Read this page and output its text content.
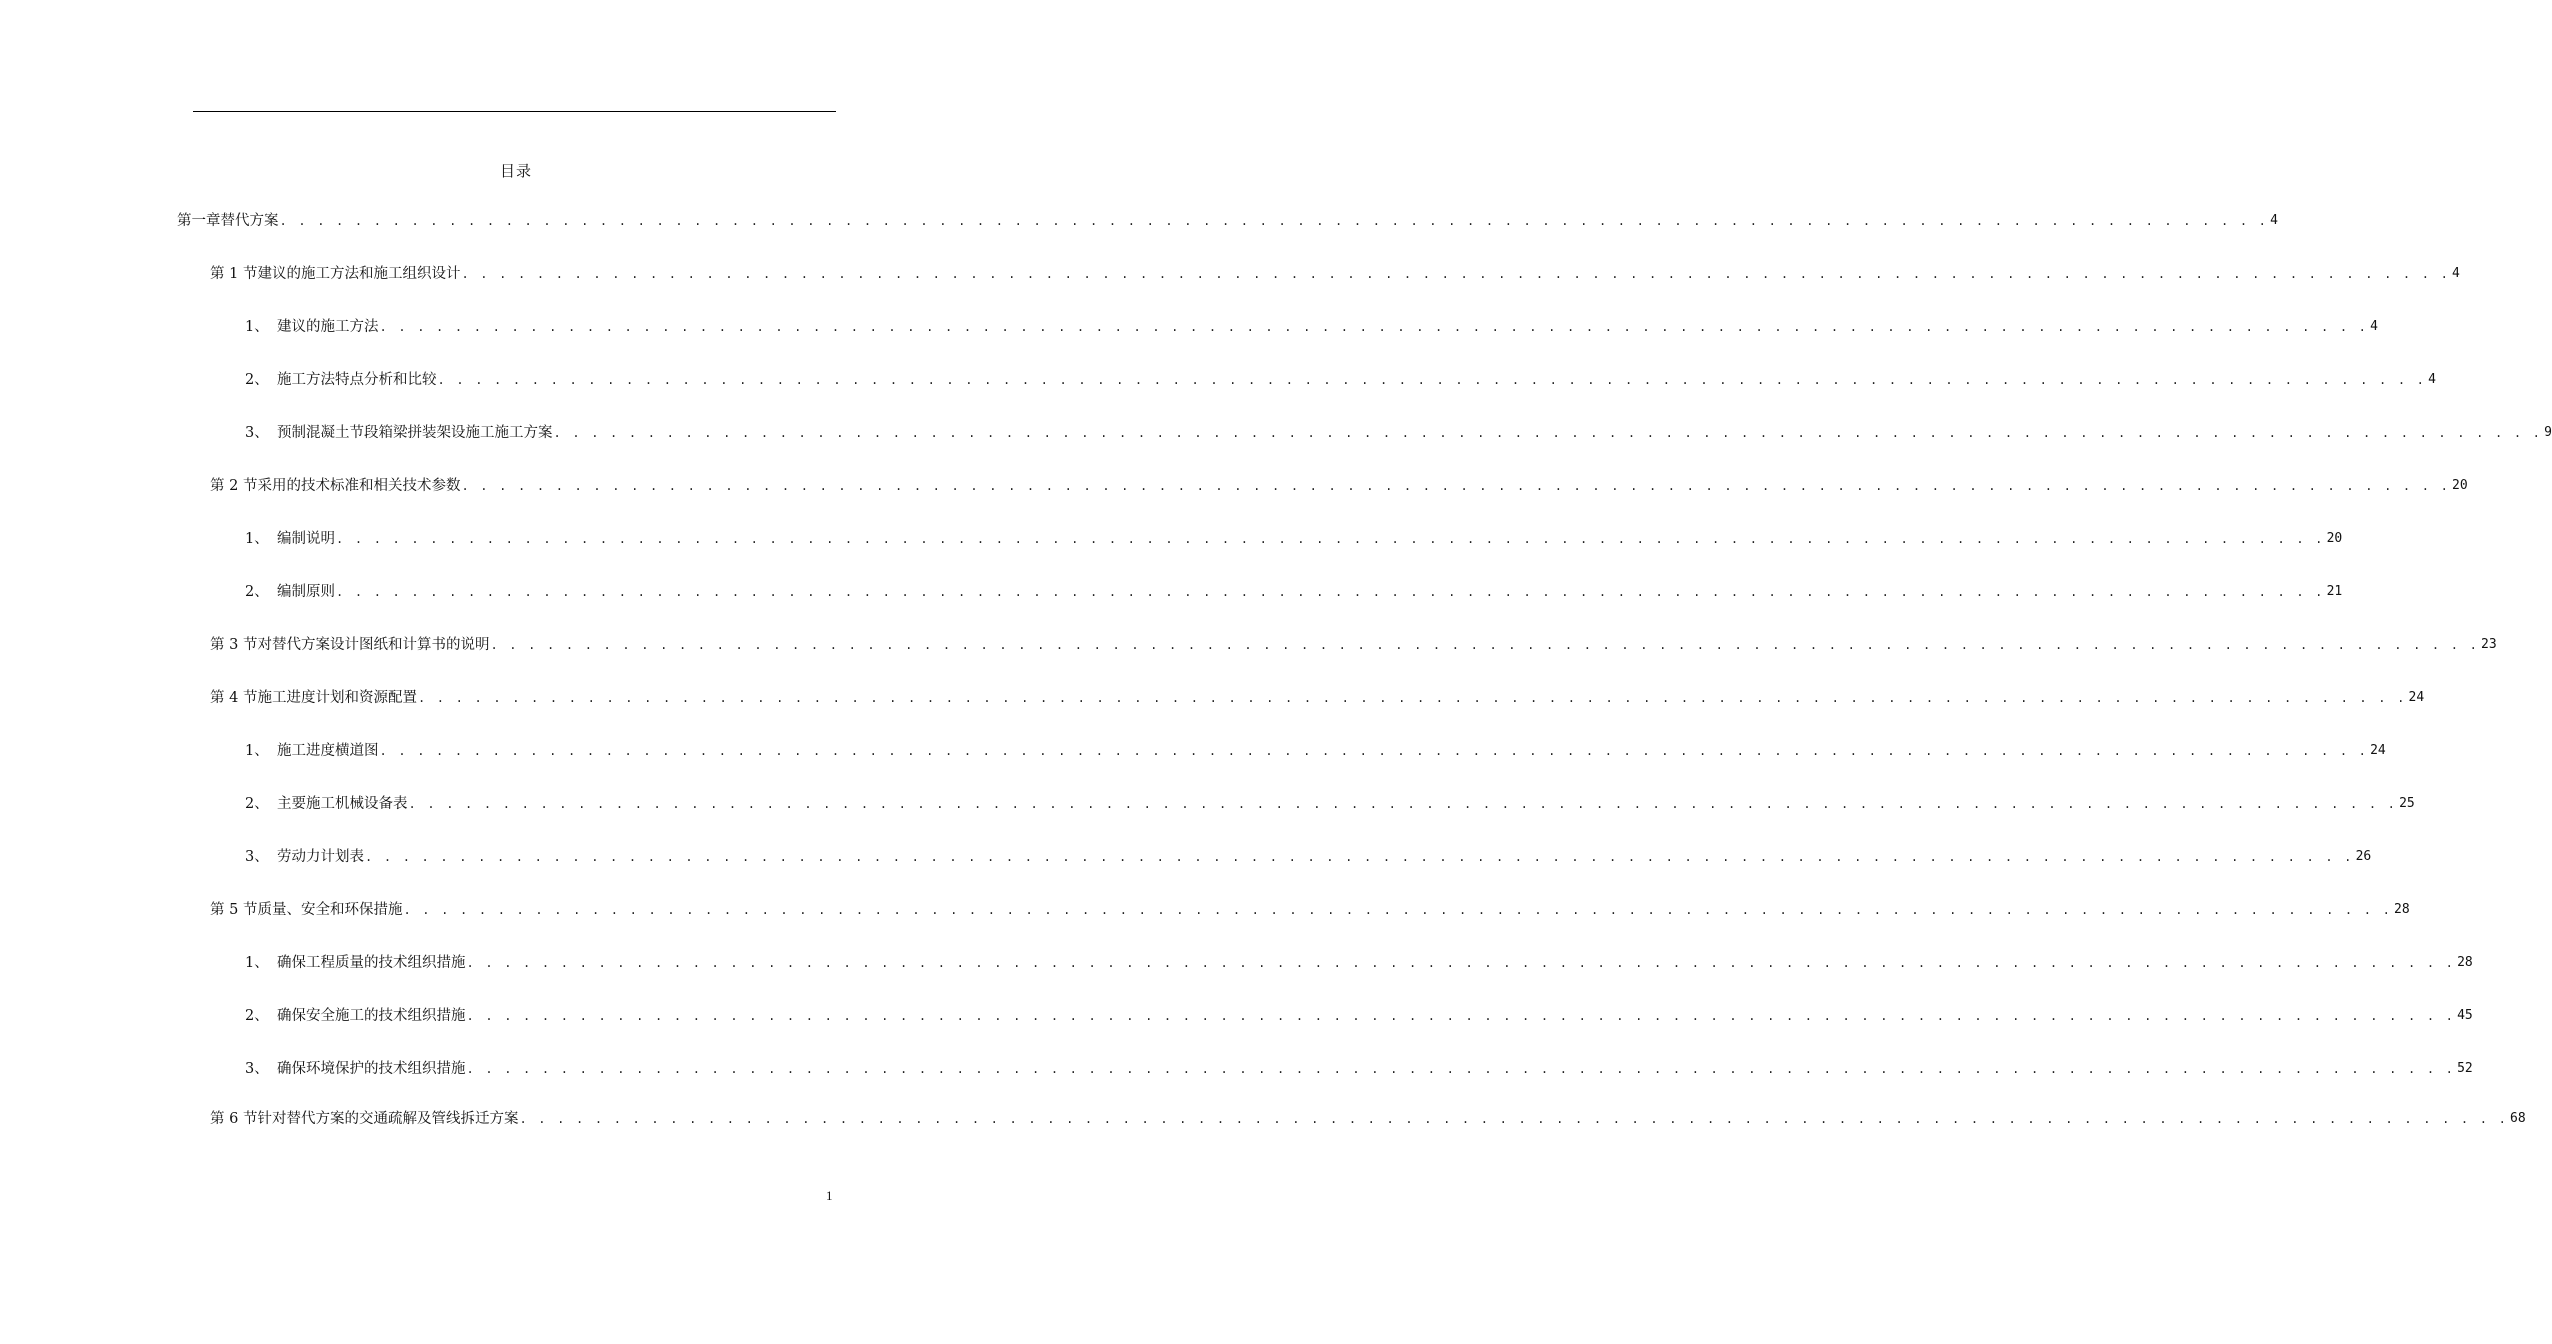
目录
第一章 替代方案 . . . . . . . . . . . . . . . . . . . . . . . . . . . . . . . . . . . . . . . . . . . . . . . . . . . . . . . . . . . . . . . . . . . . . . . . . . . . . . . . . . . . . . . . . . . . . . . . . . . . . . . . . . 4
第 1 节 建议的施工方法和施工组织设计 . . . . . . . . . . . . . . . . . . . . . . . . . . . . . . . . . . . . . . . . . . . . . . . . . . . . . . . . . . . . . . . . . . . . . . . . . . . . . . . . . . . . . . . . . . . . . . . . . . . . . . . . . . 4
1、 建议的施工方法 . . . . . . . . . . . . . . . . . . . . . . . . . . . . . . . . . . . . . . . . . . . . . . . . . . . . . . . . . . . . . . . . . . . . . . . . . . . . . . . . . . . . . . . . . . . . . . . . . . . . . . . . . . 4
2、 施工方法特点分析和比较 . . . . . . . . . . . . . . . . . . . . . . . . . . . . . . . . . . . . . . . . . . . . . . . . . . . . . . . . . . . . . . . . . . . . . . . . . . . . . . . . . . . . . . . . . . . . . . . . . . . . . . . . . . 4
3、 预制混凝土节段箱梁拼装架设施工施工方案 . . . . . . . . . . . . . . . . . . . . . . . . . . . . . . . . . . . . . . . . . . . . . . . . . . . . . . . . . . . . . . . . . . . . . . . . . . . . . . . . . . . . . . . . . . . . . . . . . . . . . . . . . . 9
第 2 节 采用的技术标准和相关技术参数 . . . . . . . . . . . . . . . . . . . . . . . . . . . . . . . . . . . . . . . . . . . . . . . . . . . . . . . . . . . . . . . . . . . . . . . . . . . . . . . . . . . . . . . . . . . . . . . . . . . . . . . . . . 20
1、 编制说明 . . . . . . . . . . . . . . . . . . . . . . . . . . . . . . . . . . . . . . . . . . . . . . . . . . . . . . . . . . . . . . . . . . . . . . . . . . . . . . . . . . . . . . . . . . . . . . . . . . . . . . . . . . 20
2、 编制原则 . . . . . . . . . . . . . . . . . . . . . . . . . . . . . . . . . . . . . . . . . . . . . . . . . . . . . . . . . . . . . . . . . . . . . . . . . . . . . . . . . . . . . . . . . . . . . . . . . . . . . . . . . . 21
第 3 节 对替代方案设计图纸和计算书的说明 . . . . . . . . . . . . . . . . . . . . . . . . . . . . . . . . . . . . . . . . . . . . . . . . . . . . . . . . . . . . . . . . . . . . . . . . . . . . . . . . . . . . . . . . . . . . . . . . . . . . . . . . . . 23
第 4 节 施工进度计划和资源配置 . . . . . . . . . . . . . . . . . . . . . . . . . . . . . . . . . . . . . . . . . . . . . . . . . . . . . . . . . . . . . . . . . . . . . . . . . . . . . . . . . . . . . . . . . . . . . . . . . . . . . . . . . . 24
1、 施工进度横道图 . . . . . . . . . . . . . . . . . . . . . . . . . . . . . . . . . . . . . . . . . . . . . . . . . . . . . . . . . . . . . . . . . . . . . . . . . . . . . . . . . . . . . . . . . . . . . . . . . . . . . . . . . . 24
2、 主要施工机械设备表 . . . . . . . . . . . . . . . . . . . . . . . . . . . . . . . . . . . . . . . . . . . . . . . . . . . . . . . . . . . . . . . . . . . . . . . . . . . . . . . . . . . . . . . . . . . . . . . . . . . . . . . . . . 25
3、 劳动力计划表 . . . . . . . . . . . . . . . . . . . . . . . . . . . . . . . . . . . . . . . . . . . . . . . . . . . . . . . . . . . . . . . . . . . . . . . . . . . . . . . . . . . . . . . . . . . . . . . . . . . . . . . . . . 26
第 5 节 质量、安全和环保措施 . . . . . . . . . . . . . . . . . . . . . . . . . . . . . . . . . . . . . . . . . . . . . . . . . . . . . . . . . . . . . . . . . . . . . . . . . . . . . . . . . . . . . . . . . . . . . . . . . . . . . . . . . . 28
1、 确保工程质量的技术组织措施 . . . . . . . . . . . . . . . . . . . . . . . . . . . . . . . . . . . . . . . . . . . . . . . . . . . . . . . . . . . . . . . . . . . . . . . . . . . . . . . . . . . . . . . . . . . . . . . . . . . . . . . . . . 28
2、 确保安全施工的技术组织措施 . . . . . . . . . . . . . . . . . . . . . . . . . . . . . . . . . . . . . . . . . . . . . . . . . . . . . . . . . . . . . . . . . . . . . . . . . . . . . . . . . . . . . . . . . . . . . . . . . . . . . . . . . . 45
3、 确保环境保护的技术组织措施 . . . . . . . . . . . . . . . . . . . . . . . . . . . . . . . . . . . . . . . . . . . . . . . . . . . . . . . . . . . . . . . . . . . . . . . . . . . . . . . . . . . . . . . . . . . . . . . . . . . . . . . . . . 52
第 6 节 针对替代方案的交通疏解及管线拆迁方案 . . . . . . . . . . . . . . . . . . . . . . . . . . . . . . . . . . . . . . . . . . . . . . . . . . . . . . . . . . . . . . . . . . . . . . . . . . . . . . . . . . . . . . . . . . . . . . . . . . . . . . . . . . 68
1
